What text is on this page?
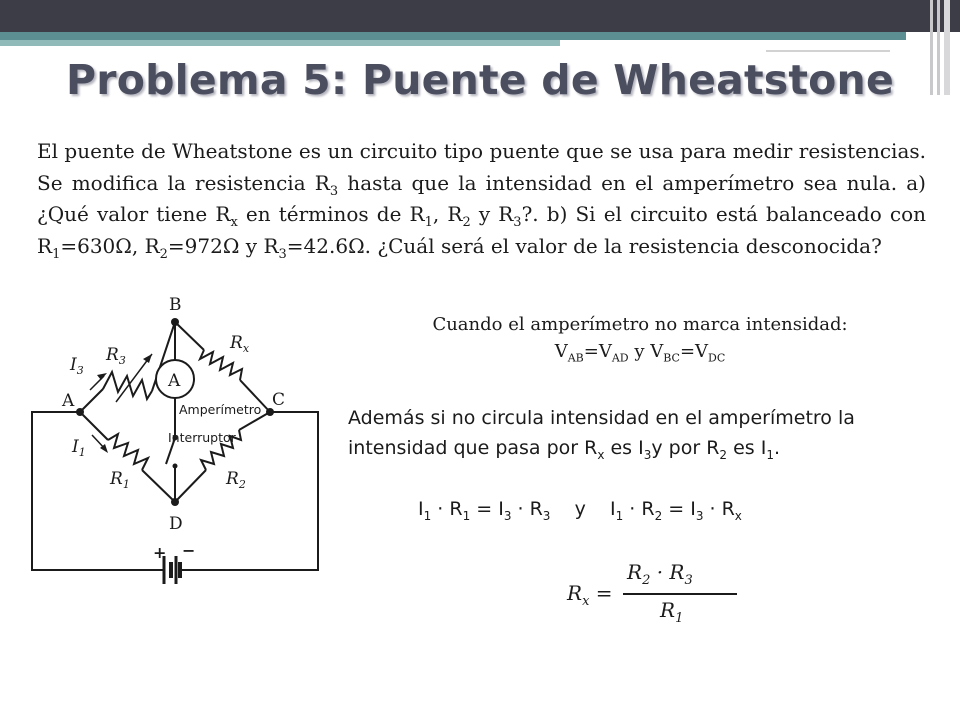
Problema 5: Puente de Wheatstone
El puente de Wheatstone es un circuito tipo puente que se usa para medir resistencias. Se modifica la resistencia $R_3$ hasta que la intensidad en el amperímetro sea nula. a) ¿Qué valor tiene $R_x$ en términos de $R_1$, $R_2$ y $R_3$?. b) Si el circuito está balanceado con $R_1=630\Omega$, $R_2=972\Omega$ y $R_3=42.6\Omega$. ¿Cuál será el valor de la resistencia desconocida?
+ −
A
B
A	C
D
$R_3$
$R_x$
$R_1$	$R_2$
$I_3$
$I_1$
Amperímetro
Interruptor
Cuando el amperímetro no marca intensidad:
$V_{AB}=V_{AD}$ y $V_{BC}=V_{DC}$
Además si no circula intensidad en el amperímetro la intensidad que pasa por $R_x$ es $I_3y$ por $R_2$ es $I_1$.
$I_1 \cdot R_1 = I_3 \cdot R_3$    y    $I_1 \cdot R_2 = I_3 \cdot R_x$
$R_x$ =
$R_2 \cdot R_3$
$R_1$
